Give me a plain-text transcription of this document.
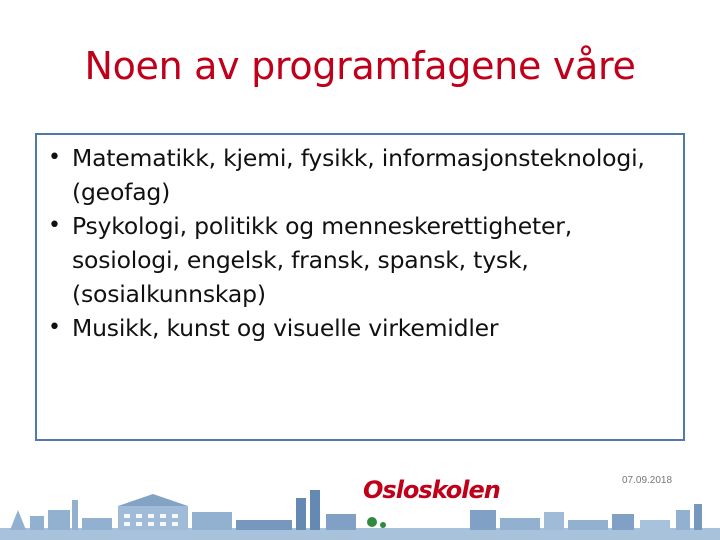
Noen av programfagene våre
• Matematikk, kjemi, fysikk, informasjonsteknologi, (geofag)
• Psykologi, politikk og menneskerettigheter, sosiologi, engelsk, fransk, spansk, tysk, (sosialkunnskap)
• Musikk, kunst og visuelle virkemidler
Osloskolen	07.09.2018
